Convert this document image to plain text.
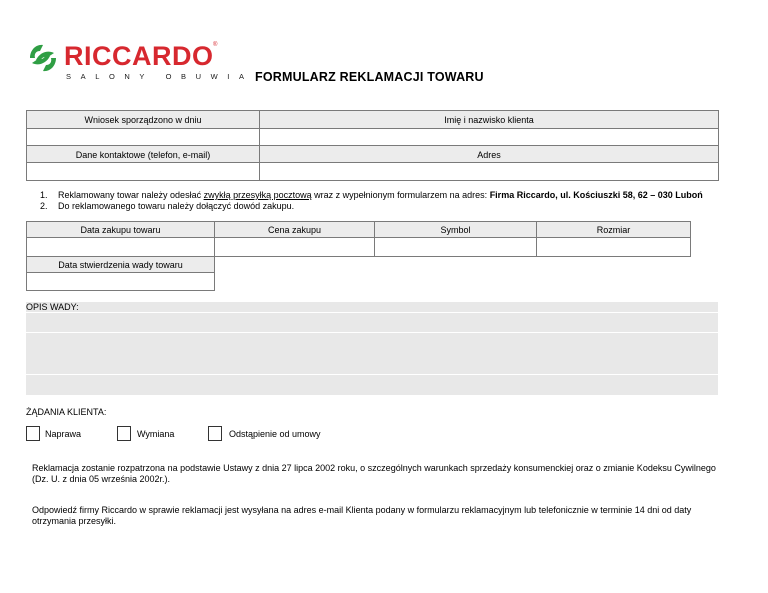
RICCARDO ®
SALONY OBUWIA FORMULARZ REKLAMACJI TOWARU
Wniosek sporządzono w dniu	Imię i nazwisko klienta
Dane kontaktowe (telefon, e-mail)	Adres
1. Reklamowany towar należy odesłać zwykłą przesyłką pocztową wraz z wypełnionym formularzem na adres: Firma Riccardo, ul. Kościuszki 58, 62 – 030 Luboń
2. Do reklamowanego towaru należy dołączyć dowód zakupu.
Data zakupu towaru	Cena zakupu	Symbol	Rozmiar
Data stwierdzenia wady towaru
OPIS WADY:
ŻĄDANIA KLIENTA:
Naprawa	Wymiana	Odstąpienie od umowy
Reklamacja zostanie rozpatrzona na podstawie Ustawy z dnia 27 lipca 2002 roku, o szczególnych warunkach sprzedaży konsumenckiej oraz o zmianie Kodeksu Cywilnego (Dz. U. z dnia 05 września 2002r.).
Odpowiedź firmy Riccardo w sprawie reklamacji jest wysyłana na adres e-mail Klienta podany w formularzu reklamacyjnym lub telefonicznie w terminie 14 dni od daty otrzymania przesyłki.
